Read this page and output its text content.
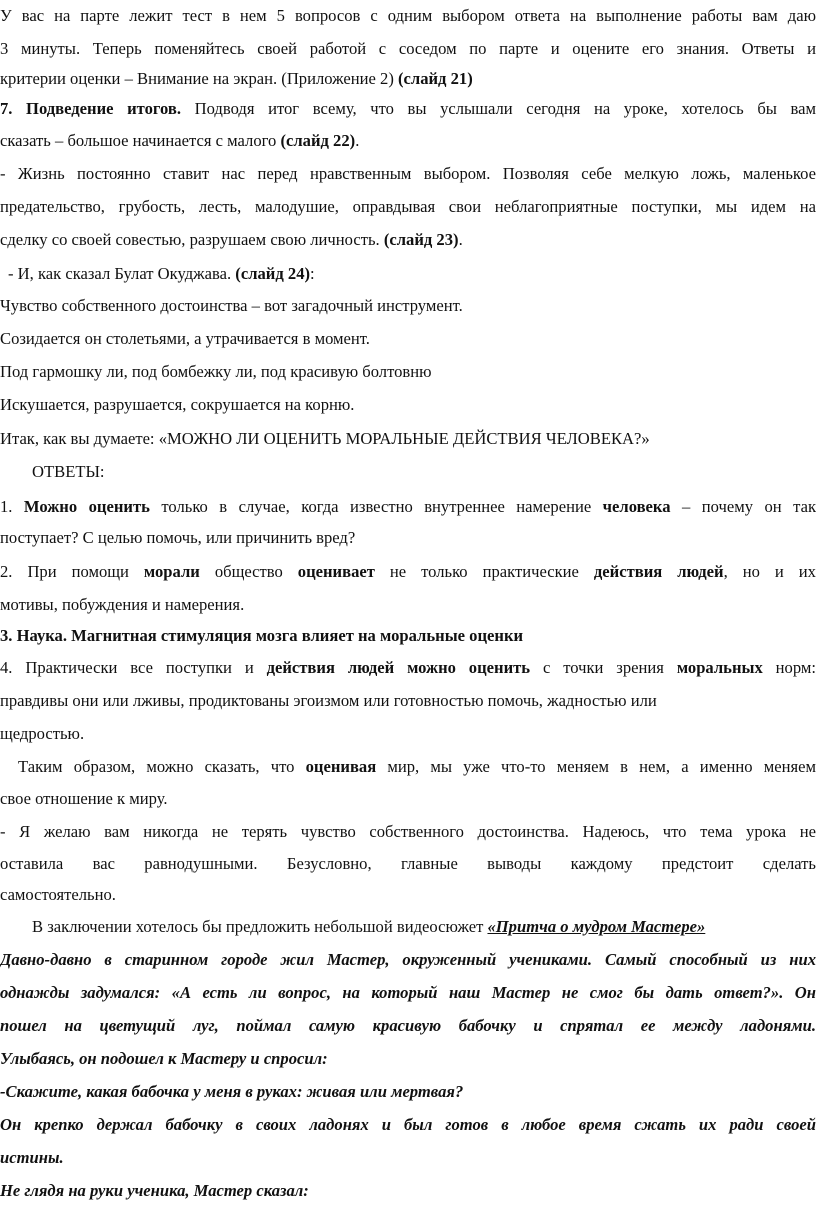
У вас на парте лежит тест в нем 5 вопросов с одним выбором ответа на выполнение работы вам даю
3 минуты. Теперь поменяйтесь своей работой с соседом по парте и оцените его знания. Ответы и
критерии оценки – Внимание на экран. (Приложение 2) (слайд 21)
7. Подведение итогов. Подводя итог всему, что вы услышали сегодня на уроке, хотелось бы вам
сказать – большое начинается с малого (слайд 22).
- Жизнь постоянно ставит нас перед нравственным выбором. Позволяя себе мелкую ложь, маленькое
предательство, грубость, лесть, малодушие, оправдывая свои неблагоприятные поступки, мы идем на
сделку со своей совестью, разрушаем свою личность. (слайд 23).
- И, как сказал Булат Окуджава. (слайд 24):
Чувство собственного достоинства – вот загадочный инструмент.
Созидается он столетьями, а утрачивается в момент.
Под гармошку ли, под бомбежку ли, под красивую болтовню
Искушается, разрушается, сокрушается на корню.
Итак, как вы думаете: «МОЖНО ЛИ ОЦЕНИТЬ МОРАЛЬНЫЕ ДЕЙСТВИЯ ЧЕЛОВЕКА?»
ОТВЕТЫ:
1. Можно оценить только в случае, когда известно внутреннее намерение человека – почему он так
поступает? С целью помочь, или причинить вред?
2. При помощи морали общество оценивает не только практические действия людей, но и их
мотивы, побуждения и намерения.
3. Наука. Магнитная стимуляция мозга влияет на моральные оценки
4. Практически все поступки и действия людей можно оценить с точки зрения моральных норм:
правдивы они или лживы, продиктованы эгоизмом или готовностью помочь, жадностью или
щедростью.
Таким образом, можно сказать, что оценивая мир, мы уже что-то меняем в нем, а именно меняем
свое отношение к миру.
- Я желаю вам никогда не терять чувство собственного достоинства. Надеюсь, что тема урока не
оставила вас равнодушными. Безусловно, главные выводы каждому предстоит сделать
самостоятельно.
В заключении хотелось бы предложить небольшой видеосюжет «Притча о мудром Мастере»
Давно-давно в старинном городе жил Мастер, окруженный учениками. Самый способный из них
однажды задумался: «А есть ли вопрос, на который наш Мастер не смог бы дать ответ?». Он
пошел на цветущий луг, поймал самую красивую бабочку и спрятал ее между ладонями.
Улыбаясь, он подошел к Мастеру и спросил:
-Скажите, какая бабочка у меня в руках: живая или мертвая?
Он крепко держал бабочку в своих ладонях и был готов в любое время сжать их ради своей
истины.
Не глядя на руки ученика, Мастер сказал:
